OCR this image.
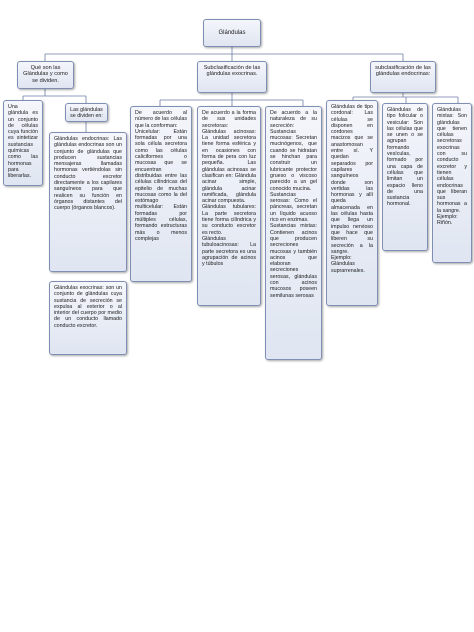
Glándulas
Qué son las Glándulas y como se dividen.
Subclasificación de las glándulas exocrinas.
subclasificación de las glándulas endocrinas:
Una glándula es un conjunto de células cuya función es sintetizar sustancias químicas como las hormonas para liberarlas.
Las glándulas se dividen en:
Glándulas endocrinas: Las glándulas endocrinas son un conjunto de glándulas que producen sustancias mensajeras llamadas hormonas vertiéndolas sin conducto excretor directamente a los capilares sanguíneos para que realicen su función en órganos distantes del cuerpo (órganos blancos).
Glándulas exocrinas: son un conjunto de glándulas cuya sustancia de secreción se expulsa al exterior o al interior del cuerpo por medio de un conducto llamado conducto excretor.

De acuerdo al número de las células que la conforman:
Unicelular: Están formadas por una sola célula secretora como las células caliciformes o mucosas que se encuentran distribuidas entre las células cilíndricas del epitelio de muchas mucosas como la del estómago
multicelular: Están formadas por múltiples células, formando estructuras más o menos complejas

De acuerdo a la forma de sus unidades secretoras:
Glándulas acinosas: La unidad secretora tiene forma esférica y en ocasiones con forma de pera con luz pequeña. Las glándulas acinosas se clasifican en: Glándula acinar simple, glándula acinar ramificada, glándula acinar compuesta.
Glándulas tubulares: La parte secretora tiene forma cilíndrica y su conducto excretor es recto.
Glándulas tubuloacinosas: La parte secretora es una agrupación de acinos y túbulos

De acuerdo a la naturaleza de su secreción:
Sustancias mucosas: Secretan mucinógenos, que cuando se hidratan se hinchan para construir un lubricante protector grueso o viscoso parecido a un gel conocido mucina.
Sustancias serosas: Como el páncreas, secretan un líquido acuoso rico en enzimas.
Sustancias mixtas: Contienen acinos que producen secreciones mucosas y también acinos que elaboran secreciones serosas, glándulas con acinos mucosos poseen semilunas serosas

Glándulas de tipo cordonal: Las células se disponen en cordones macizos que se anastomosan entre sí. Y quedan separados por capilares sanguíneos donde son vertidas las hormonas y allí queda almacenada en las células hasta que llega un impulso nervioso que hace que liberen su secreción a la sangre.
Ejemplo: Glándulas suprarrenales.

Glándulas de tipo folicular o vesicular: Son las células que se unen o se agrupan formando vesículas, formado por una capa de células que limitan un espacio lleno de una sustancia hormonal.

Glándulas mixtas: Son glándulas que tienen células secretoras exocrinas con su conducto excretor y tienen células endocrinas que liberan sus hormonas a la sangre.
Ejemplo: Riñón.
